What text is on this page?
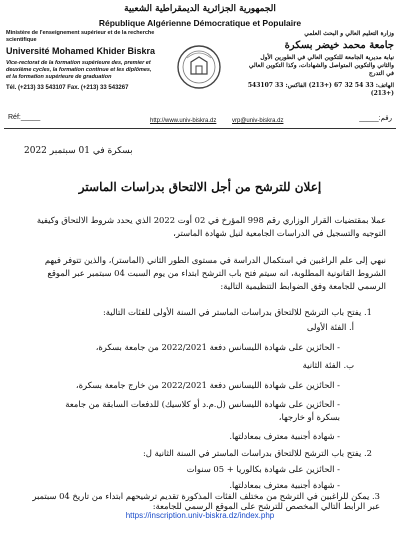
الجمهورية الجزائرية الديمقراطية الشعبية
République Algérienne Démocratique et Populaire
Ministère de l'enseignement supérieur et de la recherche scientifique
Université Mohamed Khider Biskra
Vice-rectorat de la formation supérieure des, premier et deuxième cycles, la formation continue et les diplômes, et la formation supérieure de graduation
Tél. (+213) 33 543107 Fax. (+213) 33 543267
وزارة التعليم العالي و البحث العلمي
جامعة محمد خيضر بسكرة
نيابة مديرية الجامعة للتكوين العالي في الطورين الأول والثاني والتكوين المتواصل والشهادات، وكذا التكوين العالي في التدرج
الهاتف: 33 54 32 67 (+213) الفاكس: 33 543107 (+213)
Réf:_____	رقم:_____
http://www.univ-biskra.dz	vrp@univ-biskra.dz
بسكرة في 01 سبتمبر 2022
إعلان للترشح من أجل الالتحاق بدراسات الماستر
عملا بمقتضيات القرار الوزاري رقم 998 المؤرخ في 02 أوت 2022 الذي يحدد شروط الالتحاق وكيفية التوجيه والتسجيل في الدراسات الجامعية لنيل شهادة الماستر،
نبهي إلى علم الراغبين في استكمال الدراسة في مستوى الطور الثاني (الماستر)، والذين تتوفر فيهم الشروط القانونية المطلوبة، انه سيتم فتح باب الترشح ابتداء من يوم السبت 04 سبتمبر عبر الموقع الرسمي للجامعة وفق الضوابط التنظيمية التالية:
1. يفتح باب الترشح للالتحاق بدراسات الماستر في السنة الأولى للفئات التالية:
أ. الفئة الأولى
- الحائزين على شهادة الليسانس دفعة 2022/2021 من جامعة بسكرة،
ب. الفئة الثانية
- الحائزين على شهادة الليسانس دفعة 2022/2021 من خارج جامعة بسكرة،
- الحائزين على شهادة الليسانس (ل.م.د أو كلاسيك) للدفعات السابقة من جامعة بسكرة أو خارجها،
- شهادة أجنبية معترف بمعادلتها.
2. يفتح باب الترشح للالتحاق بدراسات الماستر في السنة الثانية ل:
- الحائزين على شهادة بكالوريا + 05 سنوات
- شهادة أجنبية معترف بمعادلتها.
3. يمكن للراغبين في الترشح من مختلف الفئات المذكورة تقديم ترشيحهم ابتداء من تاريخ 04 سبتمبر عبر الرابط التالي المخصص للترشح على الموقع الرسمي للجامعة:
https://inscription.univ-biskra.dz/index.php
